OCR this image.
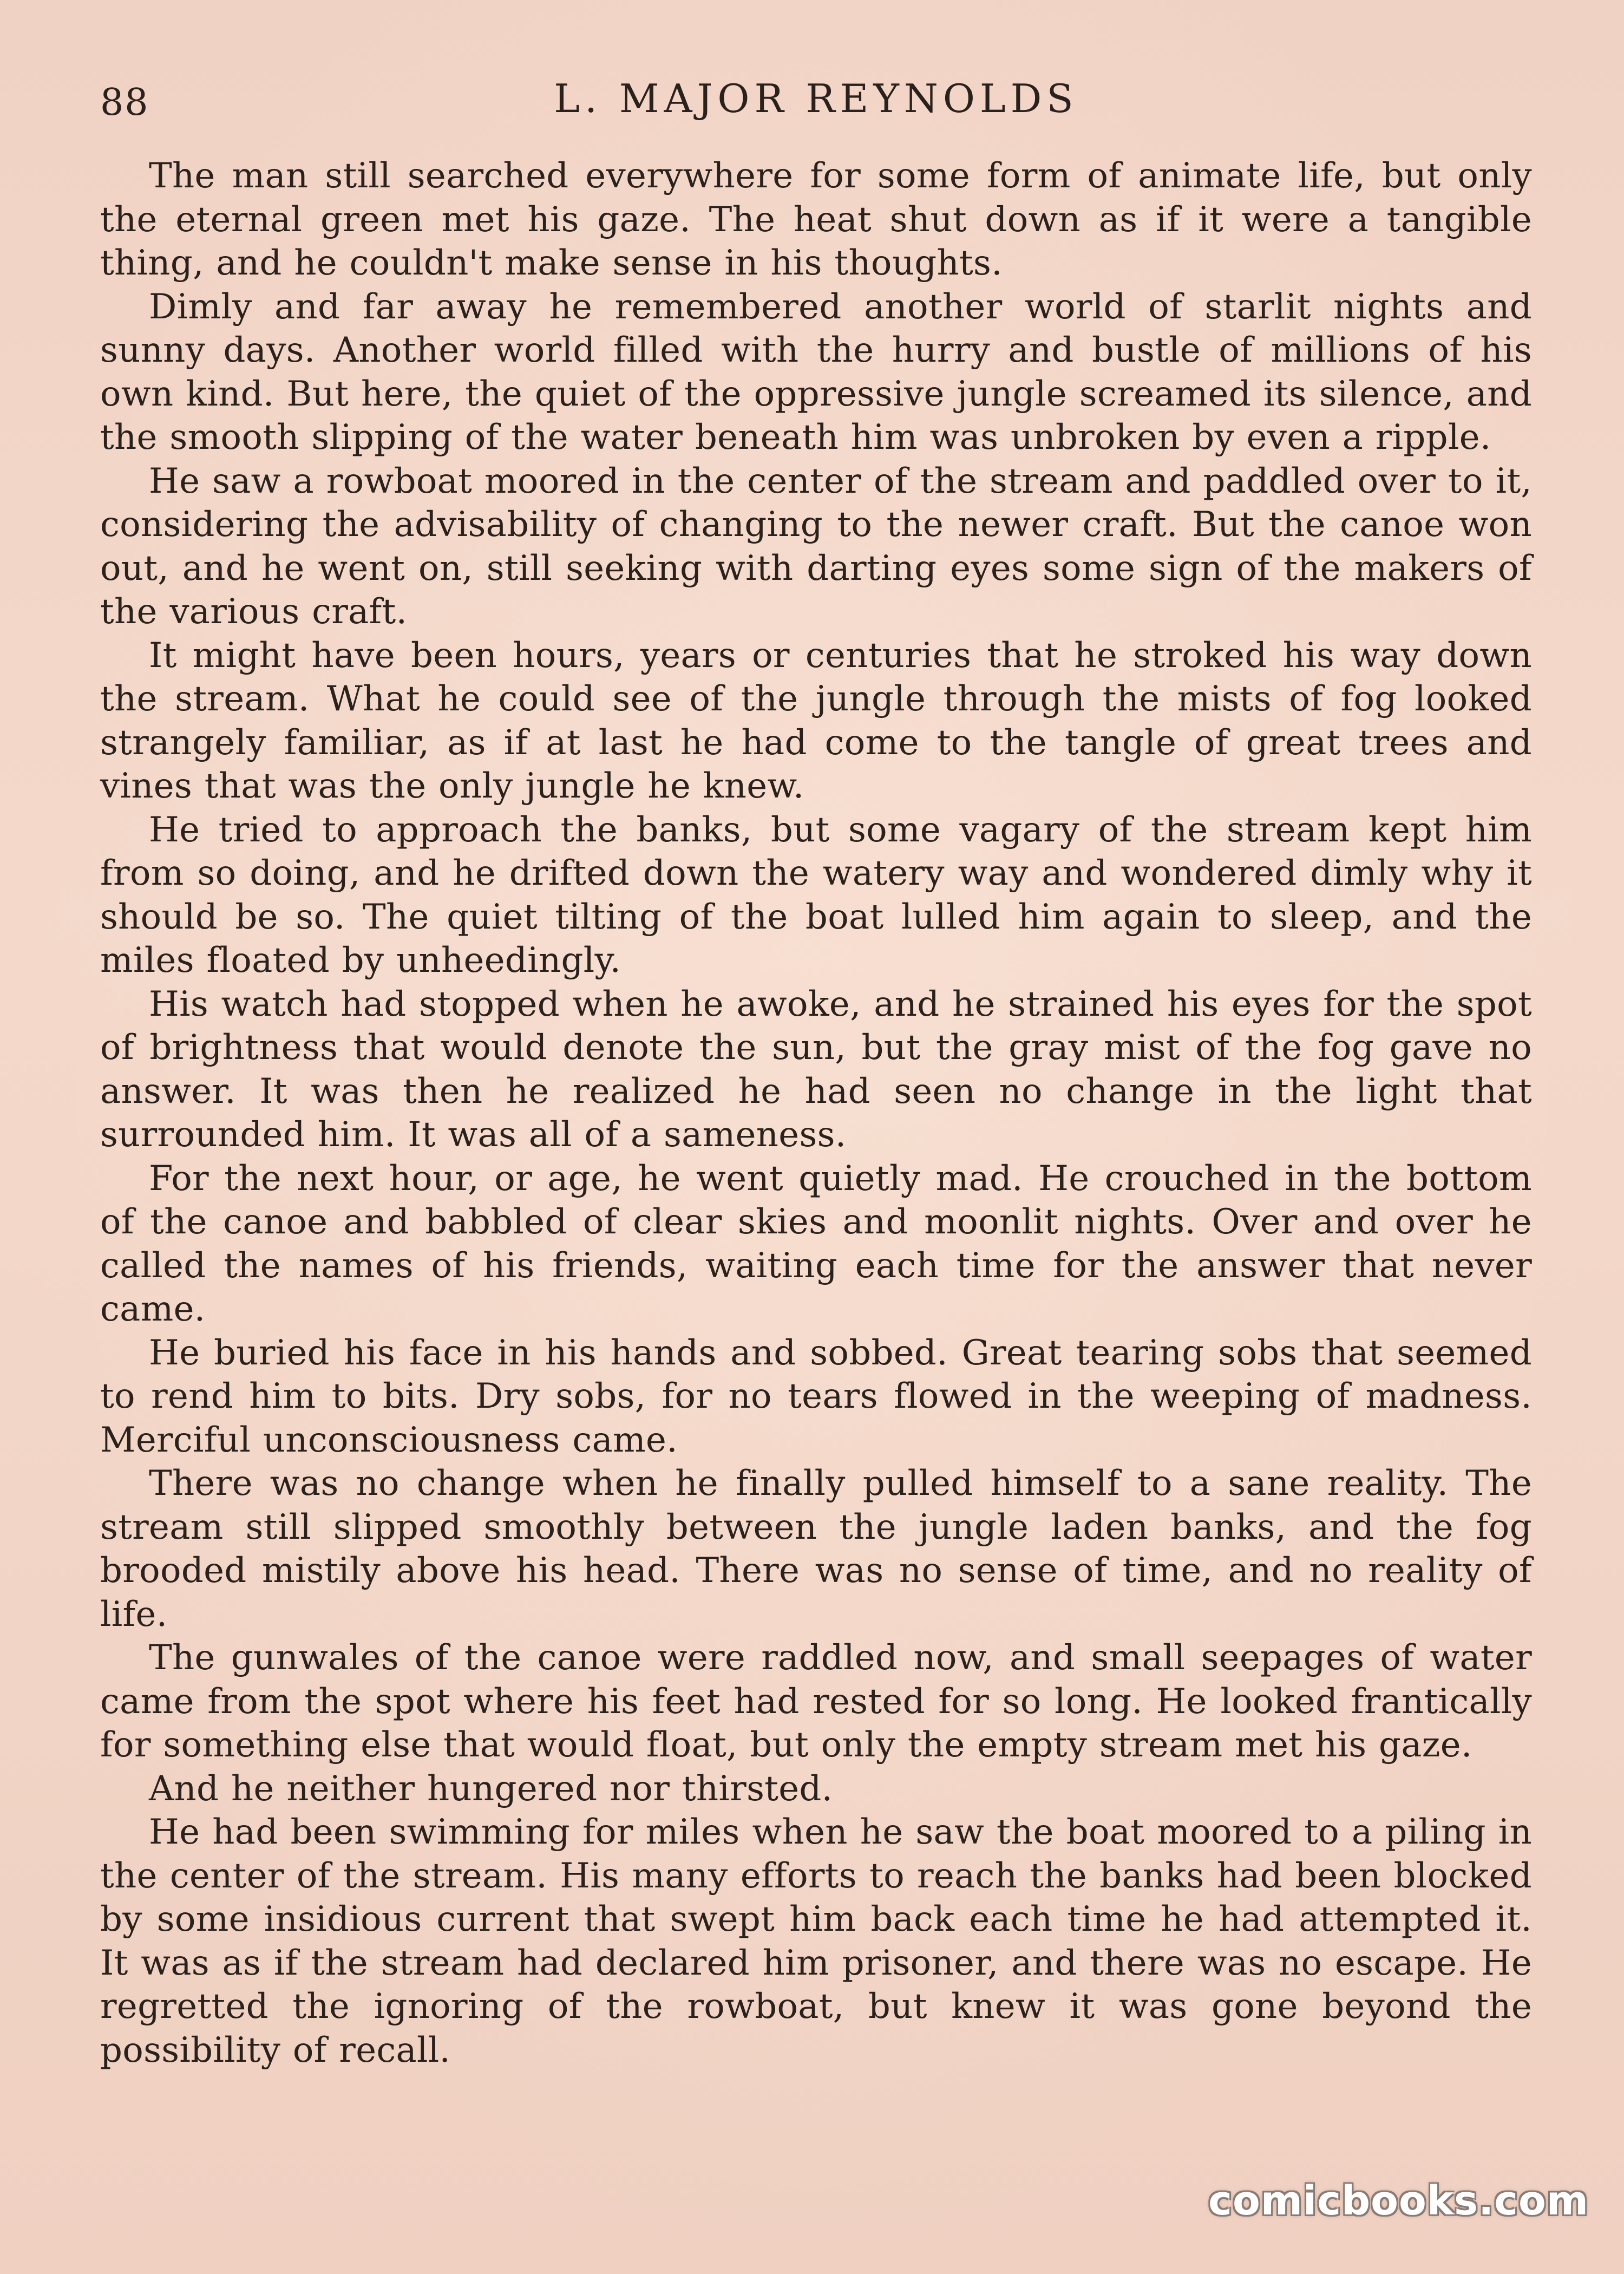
88	L. MAJOR REYNOLDS

The man still searched everywhere for some form of animate life, but only the eternal green met his gaze. The heat shut down as if it were a tangible thing, and he couldn't make sense in his thoughts.

Dimly and far away he remembered another world of starlit nights and sunny days. Another world filled with the hurry and bustle of millions of his own kind. But here, the quiet of the oppressive jungle screamed its silence, and the smooth slipping of the water beneath him was unbroken by even a ripple.

He saw a rowboat moored in the center of the stream and paddled over to it, considering the advisability of changing to the newer craft. But the canoe won out, and he went on, still seeking with darting eyes some sign of the makers of the various craft.

It might have been hours, years or centuries that he stroked his way down the stream. What he could see of the jungle through the mists of fog looked strangely familiar, as if at last he had come to the tangle of great trees and vines that was the only jungle he knew.

He tried to approach the banks, but some vagary of the stream kept him from so doing, and he drifted down the watery way and wondered dimly why it should be so. The quiet tilting of the boat lulled him again to sleep, and the miles floated by unheedingly.

His watch had stopped when he awoke, and he strained his eyes for the spot of brightness that would denote the sun, but the gray mist of the fog gave no answer. It was then he realized he had seen no change in the light that surrounded him. It was all of a sameness.

For the next hour, or age, he went quietly mad. He crouched in the bottom of the canoe and babbled of clear skies and moonlit nights. Over and over he called the names of his friends, waiting each time for the answer that never came.

He buried his face in his hands and sobbed. Great tearing sobs that seemed to rend him to bits. Dry sobs, for no tears flowed in the weeping of madness. Merciful unconsciousness came.

There was no change when he finally pulled himself to a sane reality. The stream still slipped smoothly between the jungle laden banks, and the fog brooded mistily above his head. There was no sense of time, and no reality of life.

The gunwales of the canoe were raddled now, and small seepages of water came from the spot where his feet had rested for so long. He looked frantically for something else that would float, but only the empty stream met his gaze.

And he neither hungered nor thirsted.

He had been swimming for miles when he saw the boat moored to a piling in the center of the stream. His many efforts to reach the banks had been blocked by some insidious current that swept him back each time he had attempted it. It was as if the stream had declared him prisoner, and there was no escape. He regretted the ignoring of the rowboat, but knew it was gone beyond the possibility of recall.

comicbooks.com
